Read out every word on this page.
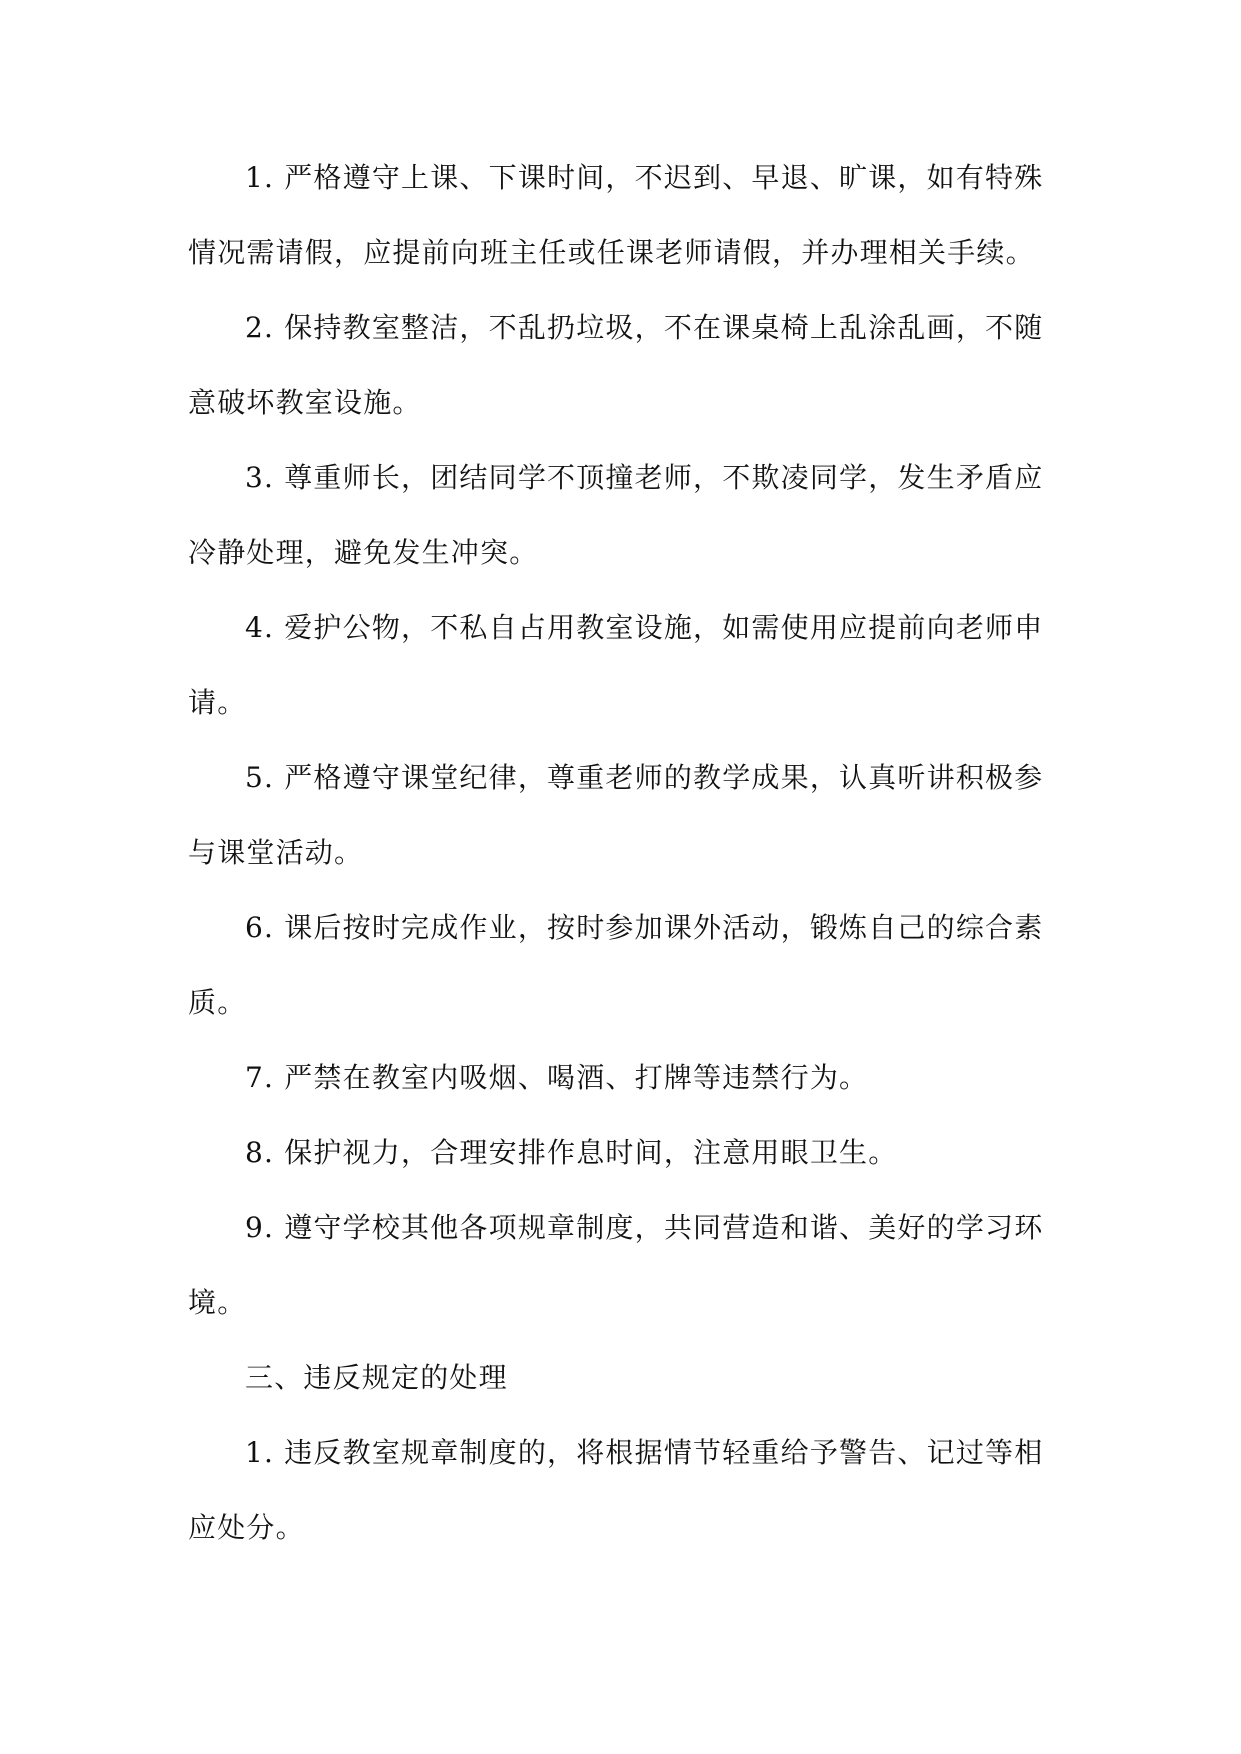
1. 严格遵守上课、下课时间，不迟到、早退、旷课，如有特殊
情况需请假，应提前向班主任或任课老师请假，并办理相关手续。

2. 保持教室整洁，不乱扔垃圾，不在课桌椅上乱涂乱画，不随
意破坏教室设施。

3. 尊重师长，团结同学不顶撞老师，不欺凌同学，发生矛盾应
冷静处理，避免发生冲突。

4. 爱护公物，不私自占用教室设施，如需使用应提前向老师申
请。

5. 严格遵守课堂纪律，尊重老师的教学成果，认真听讲积极参
与课堂活动。

6. 课后按时完成作业，按时参加课外活动，锻炼自己的综合素
质。

7. 严禁在教室内吸烟、喝酒、打牌等违禁行为。

8. 保护视力，合理安排作息时间，注意用眼卫生。

9. 遵守学校其他各项规章制度，共同营造和谐、美好的学习环
境。

三、违反规定的处理

1. 违反教室规章制度的，将根据情节轻重给予警告、记过等相
应处分。
